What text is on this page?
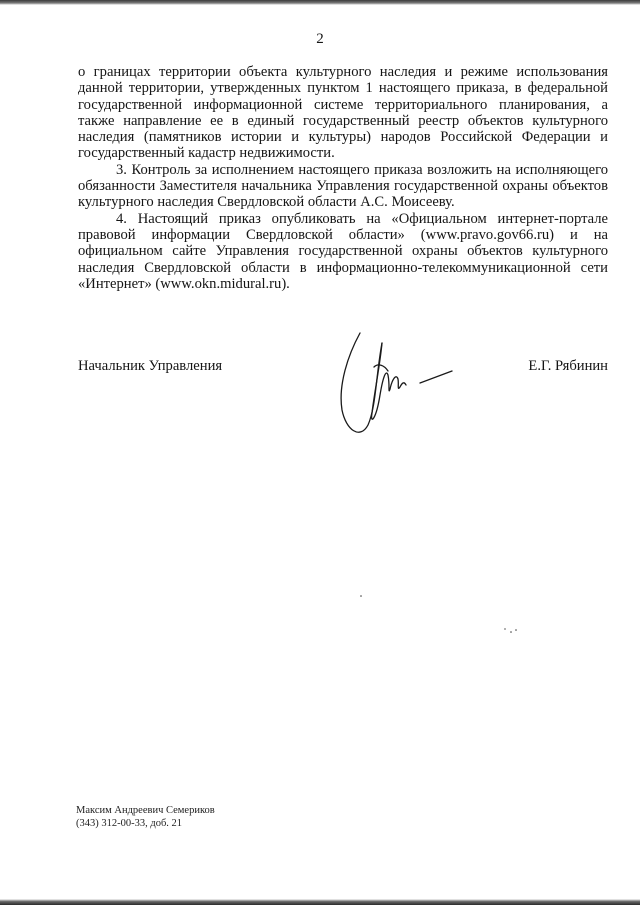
2

о границах территории объекта культурного наследия и режиме использования данной территории, утвержденных пунктом 1 настоящего приказа, в федеральной государственной информационной системе территориального планирования, а также направление ее в единый государственный реестр объектов культурного наследия (памятников истории и культуры) народов Российской Федерации и государственный кадастр недвижимости.

3. Контроль за исполнением настоящего приказа возложить на исполняющего обязанности Заместителя начальника Управления государственной охраны объектов культурного наследия Свердловской области А.С. Моисееву.

4. Настоящий приказ опубликовать на «Официальном интернет-портале правовой информации Свердловской области» (www.pravo.gov66.ru) и на официальном сайте Управления государственной охраны объектов культурного наследия Свердловской области в информационно-телекоммуникационной сети «Интернет» (www.okn.midural.ru).

Начальник Управления	Е.Г. Рябинин
Максим Андреевич Семериков
(343) 312-00-33, доб. 21
